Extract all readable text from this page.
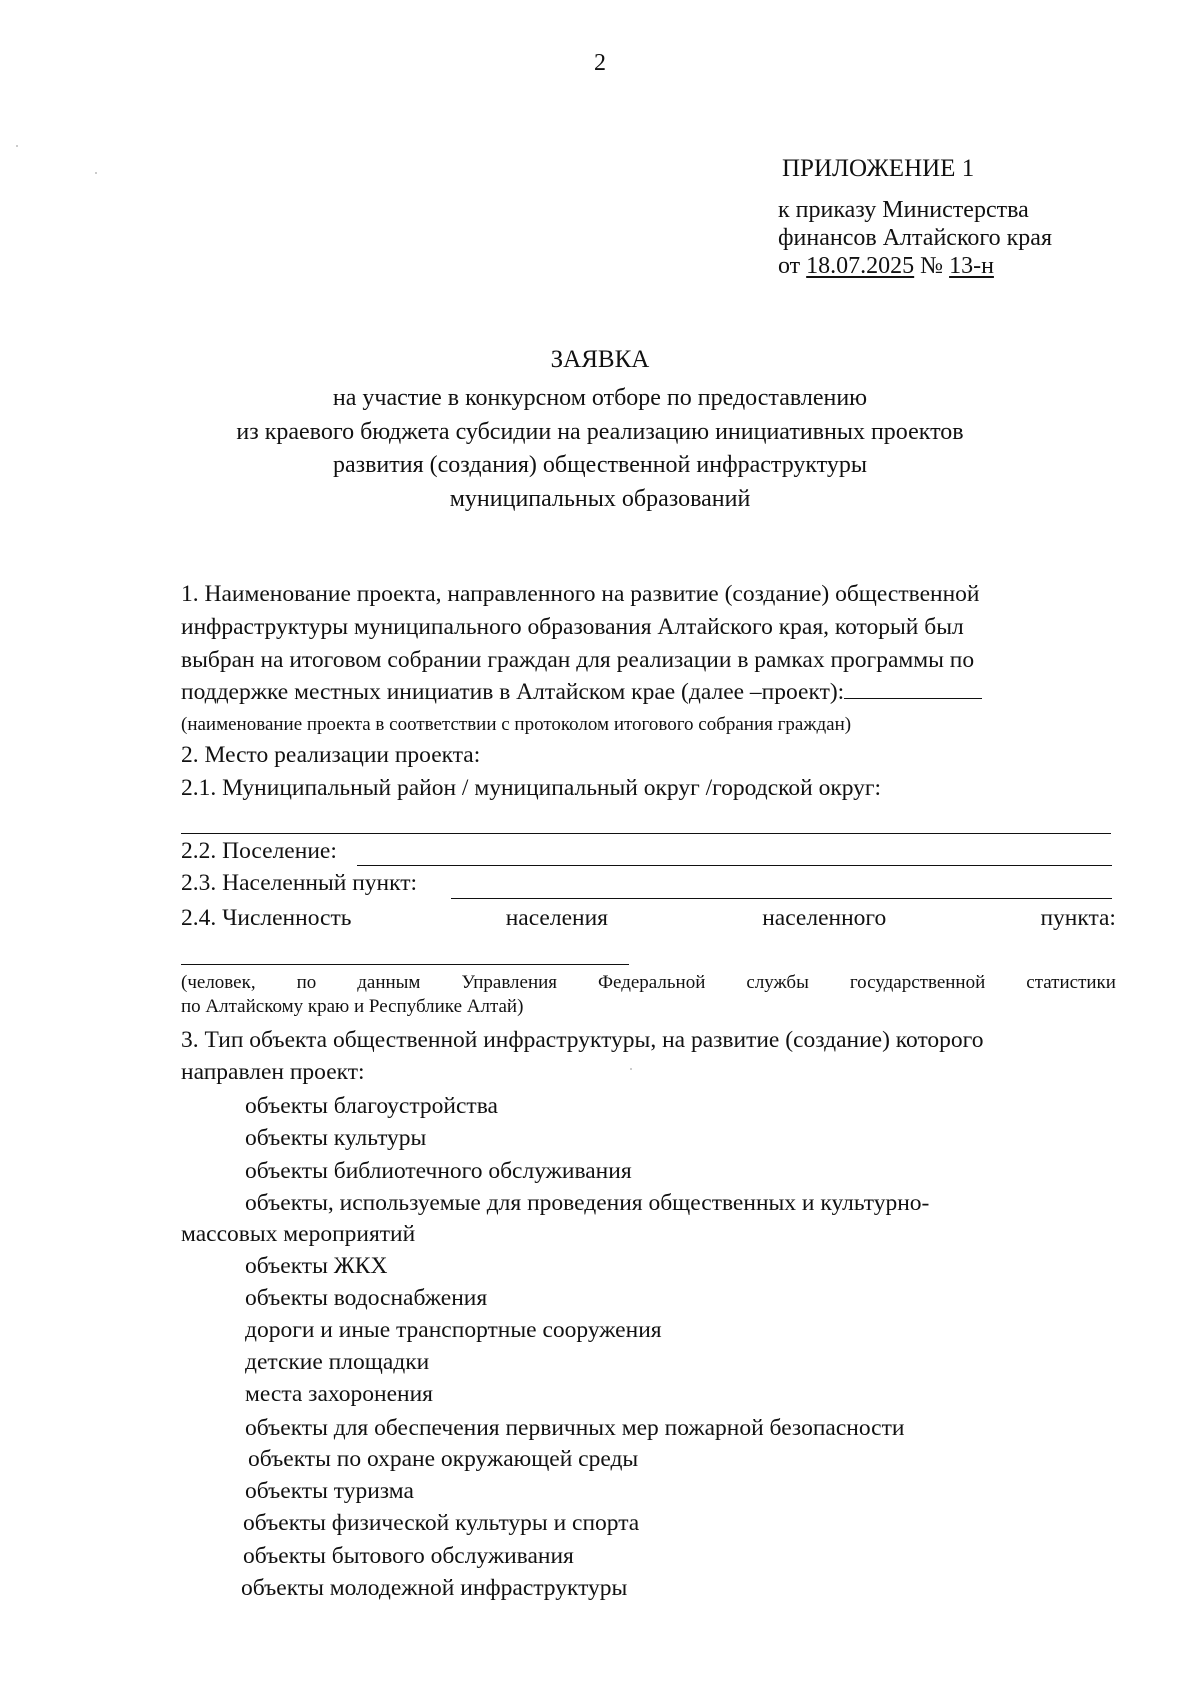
2
ПРИЛОЖЕНИЕ 1
к приказу Министерства
финансов Алтайского края
от 18.07.2025 № 13-н
ЗАЯВКА
на участие в конкурсном отборе по предоставлению
из краевого бюджета субсидии на реализацию инициативных проектов
развития (создания) общественной инфраструктуры
муниципальных образований
1. Наименование проекта, направленного на развитие (создание) общественной
инфраструктуры муниципального образования Алтайского края, который был
выбран на итоговом собрании граждан для реализации в рамках программы по
поддержке местных инициатив в Алтайском крае (далее –проект):
(наименование проекта в соответствии с протоколом итогового собрания граждан)
2. Место реализации проекта:
2.1. Муниципальный район / муниципальный округ /городской округ:
2.2. Поселение:
2.3. Населенный пункт:
2.4. Численность	населения	населенного	пункта:
(человек, по данным Управления Федеральной службы государственной статистики
по Алтайскому краю и Республике Алтай)
3. Тип объекта общественной инфраструктуры, на развитие (создание) которого
направлен проект:
объекты благоустройства
объекты культуры
объекты библиотечного обслуживания
объекты, используемые для проведения общественных и культурно-
массовых мероприятий
объекты ЖКХ
объекты водоснабжения
дороги и иные транспортные сооружения
детские площадки
места захоронения
объекты для обеспечения первичных мер пожарной безопасности
объекты по охране окружающей среды
объекты туризма
объекты физической культуры и спорта
объекты бытового обслуживания
объекты молодежной инфраструктуры
